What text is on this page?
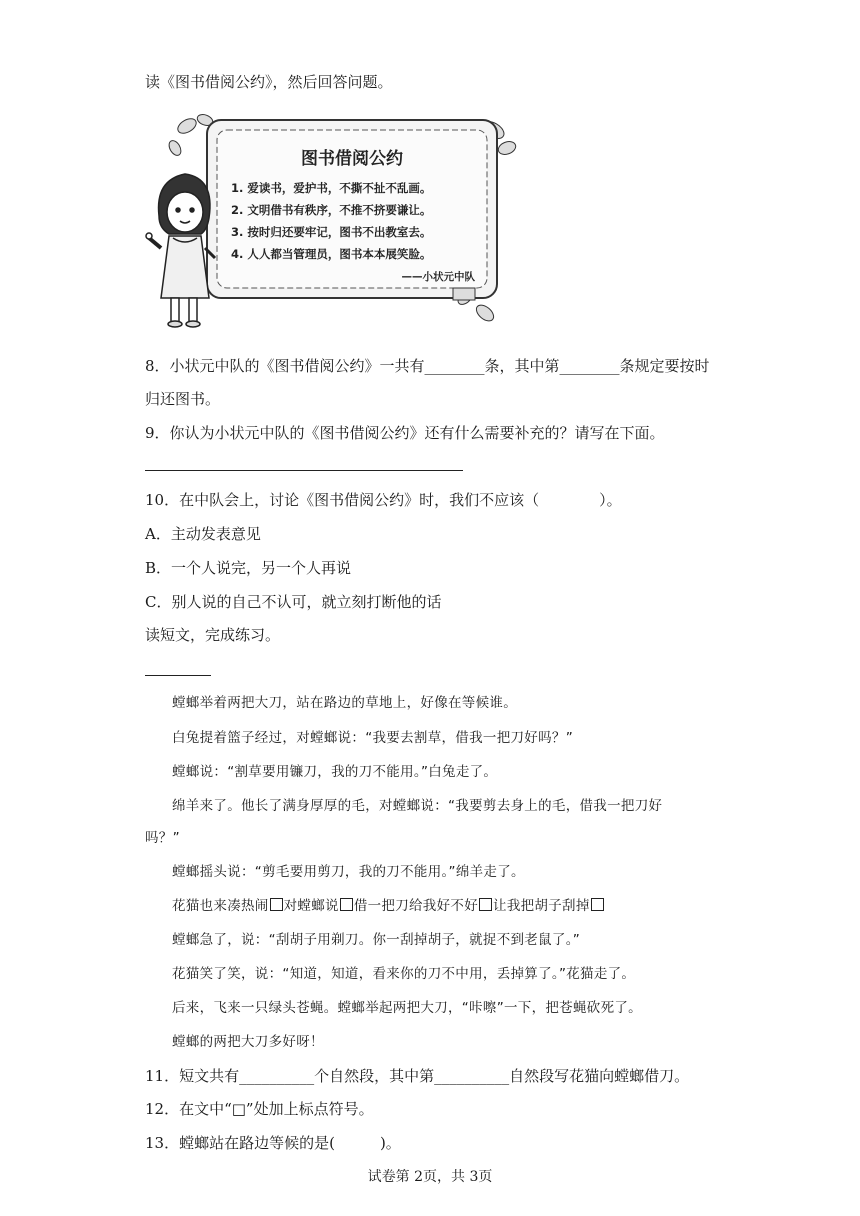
读《图书借阅公约》，然后回答问题。
图书借阅公约
1. 爱读书，爱护书，不撕不扯不乱画。
2. 文明借书有秩序，不推不挤要谦让。
3. 按时归还要牢记，图书不出教室去。
4. 人人都当管理员，图书本本展笑脸。
——小状元中队
8．小状元中队的《图书借阅公约》一共有________条，其中第________条规定要按时
归还图书。
9．你认为小状元中队的《图书借阅公约》还有什么需要补充的？请写在下面。
10．在中队会上，讨论《图书借阅公约》时，我们不应该（　　　　）。
A．主动发表意见
B．一个人说完，另一个人再说
C．别人说的自己不认可，就立刻打断他的话
读短文，完成练习。
螳螂举着两把大刀，站在路边的草地上，好像在等候谁。
白兔提着篮子经过，对螳螂说：“我要去割草，借我一把刀好吗？”
螳螂说：“割草要用镰刀，我的刀不能用。”白兔走了。
绵羊来了。他长了满身厚厚的毛，对螳螂说：“我要剪去身上的毛，借我一把刀好
吗？”
螳螂摇头说：“剪毛要用剪刀，我的刀不能用。”绵羊走了。
花猫也来凑热闹 对螳螂说 借一把刀给我好不好 让我把胡子刮掉
螳螂急了，说：“刮胡子用剃刀。你一刮掉胡子，就捉不到老鼠了。”
花猫笑了笑，说：“知道，知道，看来你的刀不中用，丢掉算了。”花猫走了。
后来，飞来一只绿头苍蝇。螳螂举起两把大刀，“咔嚓”一下，把苍蝇砍死了。
螳螂的两把大刀多好呀！
11．短文共有__________个自然段，其中第__________自然段写花猫向螳螂借刀。
12．在文中“□”处加上标点符号。
13．螳螂站在路边等候的是(　　　)。
试卷第 2页，共 3页
